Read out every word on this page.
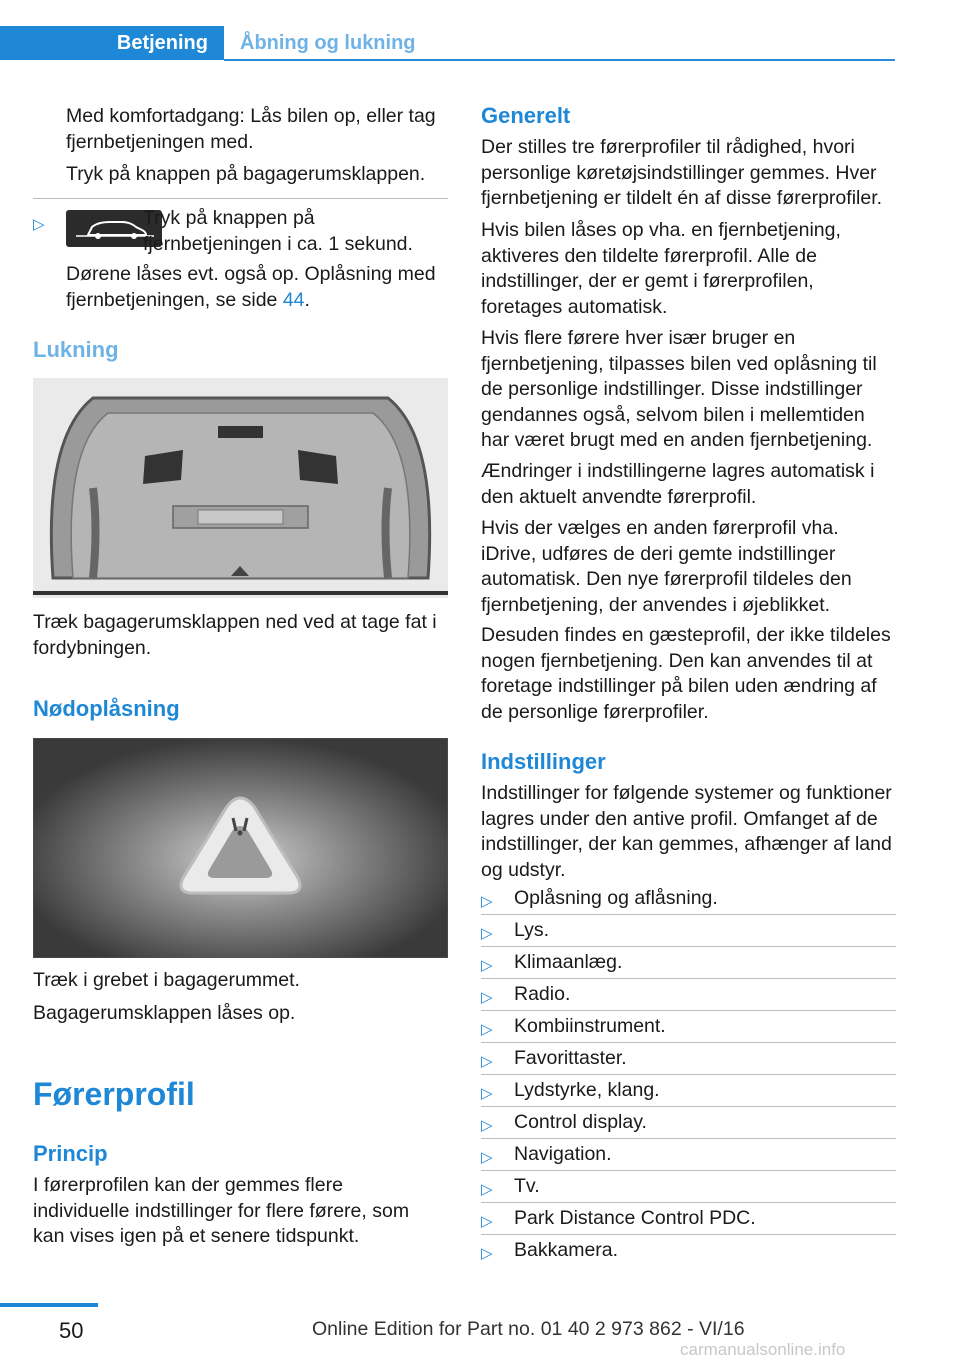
Betjening	Åbning og lukning

Med komfortadgang: Lås bilen op, eller tag fjernbetjeningen med.

Tryk på knappen på bagagerumsklappen.

▷	Tryk på knappen på fjernbetjeningen i ca. 1 sekund.

Dørene låses evt. også op. Oplåsning med fjernbetjeningen, se side 44.

Lukning

Træk bagagerumsklappen ned ved at tage fat i fordybningen.

Nødoplåsning

Træk i grebet i bagagerummet.

Bagagerumsklappen låses op.

Førerprofil
Princip

I førerprofilen kan der gemmes flere individuelle indstillinger for flere førere, som kan vises igen på et senere tidspunkt.

Generelt

Der stilles tre førerprofiler til rådighed, hvori personlige køretøjsindstillinger gemmes. Hver fjernbetjening er tildelt én af disse førerprofiler.

Hvis bilen låses op vha. en fjernbetjening, aktiveres den tildelte førerprofil. Alle de indstillinger, der er gemt i førerprofilen, foretages automatisk.

Hvis flere førere hver især bruger en fjernbetjening, tilpasses bilen ved oplåsning til de personlige indstillinger. Disse indstillinger gendannes også, selvom bilen i mellemtiden har været brugt med en anden fjernbetjening.

Ændringer i indstillingerne lagres automatisk i den aktuelt anvendte førerprofil.

Hvis der vælges en anden førerprofil vha. iDrive, udføres de deri gemte indstillinger automatisk. Den nye førerprofil tildeles den fjernbetjening, der anvendes i øjeblikket.

Desuden findes en gæsteprofil, der ikke tildeles nogen fjernbetjening. Den kan anvendes til at foretage indstillinger på bilen uden ændring af de personlige førerprofiler.

Indstillinger

Indstillinger for følgende systemer og funktioner lagres under den antive profil. Omfanget af de indstillinger, der kan gemmes, afhænger af land og udstyr.

▷ Oplåsning og aflåsning.
▷ Lys.
▷ Klimaanlæg.
▷ Radio.
▷ Kombiinstrument.
▷ Favorittaster.
▷ Lydstyrke, klang.
▷ Control display.
▷ Navigation.
▷ Tv.
▷ Park Distance Control PDC.
▷ Bakkamera.
50	Online Edition for Part no. 01 40 2 973 862 - VI/16
carmanualsonline.info
